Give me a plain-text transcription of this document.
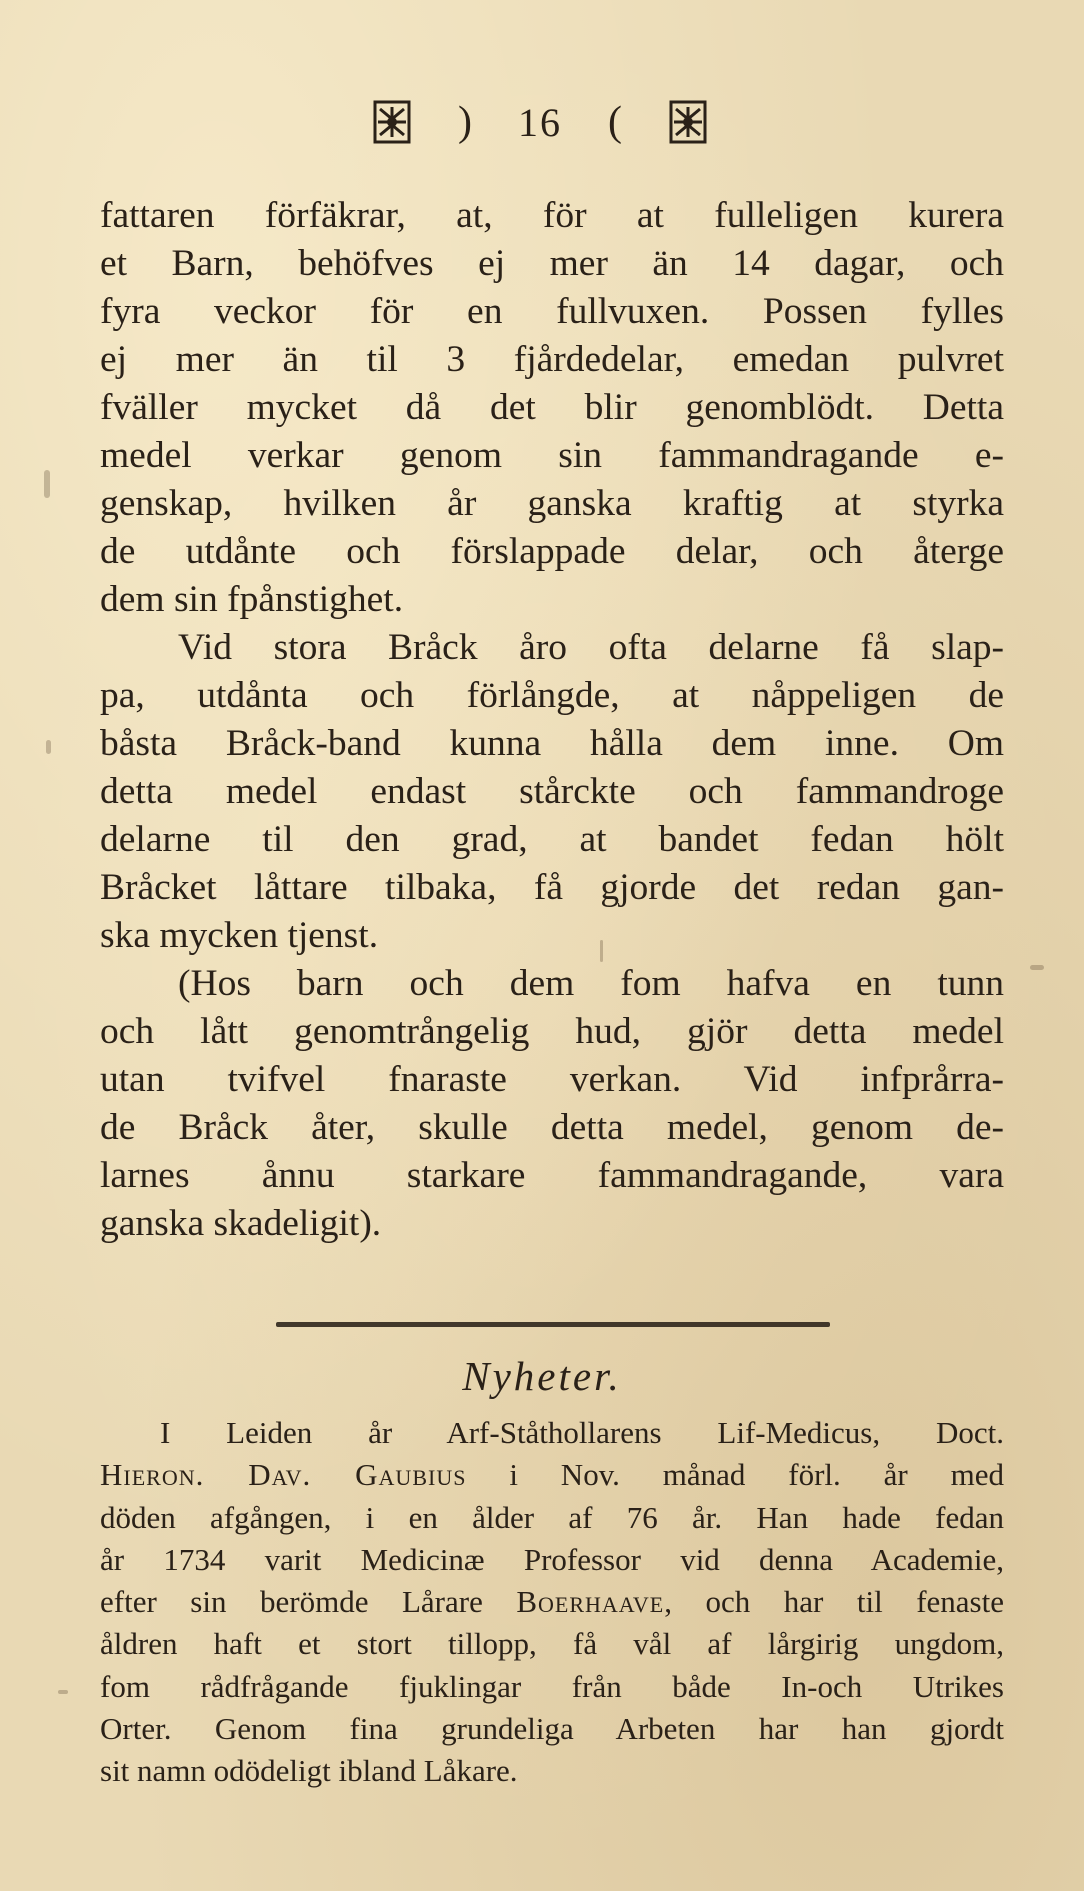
) 16 (
fattaren förfäkrar, at, för at fulleligen kurera
et Barn, behöfves ej mer än 14 dagar, och
fyra veckor för en fullvuxen. Possen fylles
ej mer än til 3 fjårdedelar, emedan pulvret
fväller mycket då det blir genomblödt. Detta
medel verkar genom sin fammandragande e-
genskap, hvilken år ganska kraftig at styrka
de utdånte och förslappade delar, och återge
dem sin fpånstighet.
Vid stora Bråck åro ofta delarne få slap-
pa, utdånta och förlångde, at nåppeligen de
båsta Bråck-band kunna hålla dem inne. Om
detta medel endast stårckte och fammandroge
delarne til den grad, at bandet fedan hölt
Bråcket låttare tilbaka, få gjorde det redan gan-
ska mycken tjenst.
(Hos barn och dem fom hafva en tunn
och lått genomtrångelig hud, gjör detta medel
utan tvifvel fnaraste verkan. Vid infprårra-
de Bråck åter, skulle detta medel, genom de-
larnes ånnu starkare fammandragande, vara
ganska skadeligit).
Nyheter.
I Leiden år Arf-Ståthollarens Lif-Medicus, Doct.
Hieron. Dav. Gaubius i Nov. månad förl. år med
döden afgången, i en ålder af 76 år. Han hade fedan
år 1734 varit Medicinæ Professor vid denna Academie,
efter sin berömde Lårare Boerhaave, och har til fenaste
åldren haft et stort tillopp, få vål af lårgirig ungdom,
fom rådfrågande fjuklingar från både In-och Utrikes
Orter. Genom fina grundeliga Arbeten har han gjordt
sit namn odödeligt ibland Låkare.
